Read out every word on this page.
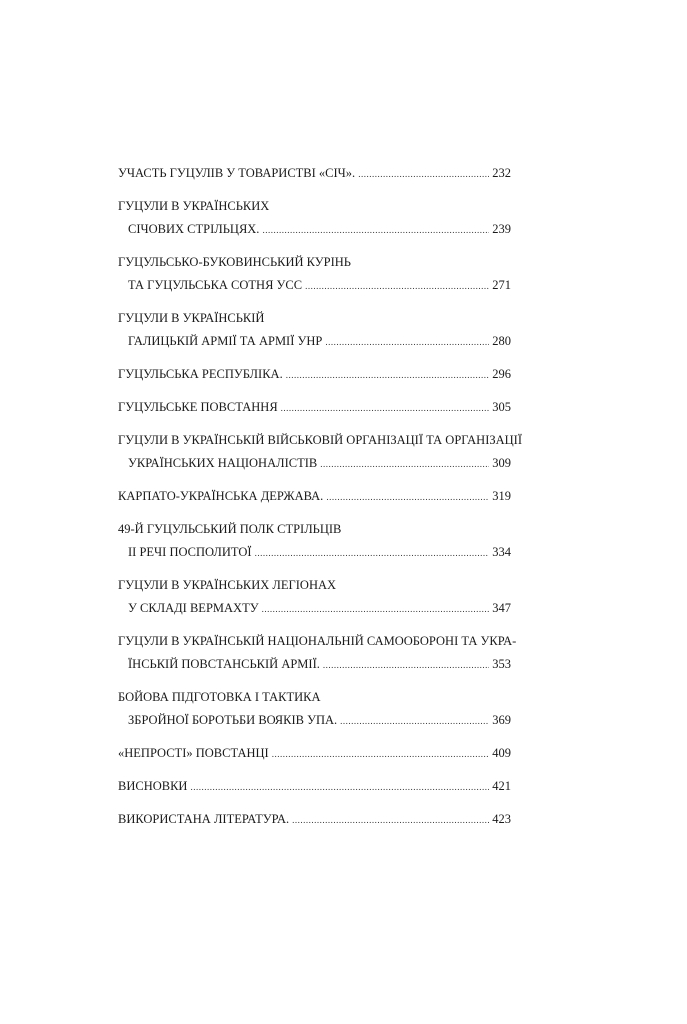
УЧАСТЬ ГУЦУЛІВ У ТОВАРИСТВІ «СІЧ». .....	232
ГУЦУЛИ В УКРАЇНСЬКИХ
СІЧОВИХ СТРІЛЬЦЯХ. .....	239
ГУЦУЛЬСЬКО-БУКОВИНСЬКИЙ КУРІНЬ
ТА ГУЦУЛЬСЬКА СОТНЯ УСС .....	271
ГУЦУЛИ В УКРАЇНСЬКІЙ
ГАЛИЦЬКІЙ АРМІЇ ТА АРМІЇ УНР .....	280
ГУЦУЛЬСЬКА РЕСПУБЛІКА. .....	296
ГУЦУЛЬСЬКЕ ПОВСТАННЯ .....	305
ГУЦУЛИ В УКРАЇНСЬКІЙ ВІЙСЬКОВІЙ ОРГАНІЗАЦІЇ ТА ОРГАНІЗАЦІЇ
УКРАЇНСЬКИХ НАЦІОНАЛІСТІВ .....	309
КАРПАТО-УКРАЇНСЬКА ДЕРЖАВА. .....	319
49-Й ГУЦУЛЬСЬКИЙ ПОЛК СТРІЛЬЦІВ
ІІ РЕЧІ ПОСПОЛИТОЇ .....	334
ГУЦУЛИ В УКРАЇНСЬКИХ ЛЕГІОНАХ
У СКЛАДІ ВЕРМАХТУ .....	347
ГУЦУЛИ В УКРАЇНСЬКІЙ НАЦІОНАЛЬНІЙ САМООБОРОНІ ТА УКРА-
ЇНСЬКІЙ ПОВСТАНСЬКІЙ АРМІЇ. .....	353
БОЙОВА ПІДГОТОВКА І ТАКТИКА
ЗБРОЙНОЇ БОРОТЬБИ ВОЯКІВ УПА. .....	369
«НЕПРОСТІ» ПОВСТАНЦІ .....	409
ВИСНОВКИ .....	421
ВИКОРИСТАНА ЛІТЕРАТУРА. .....	423
